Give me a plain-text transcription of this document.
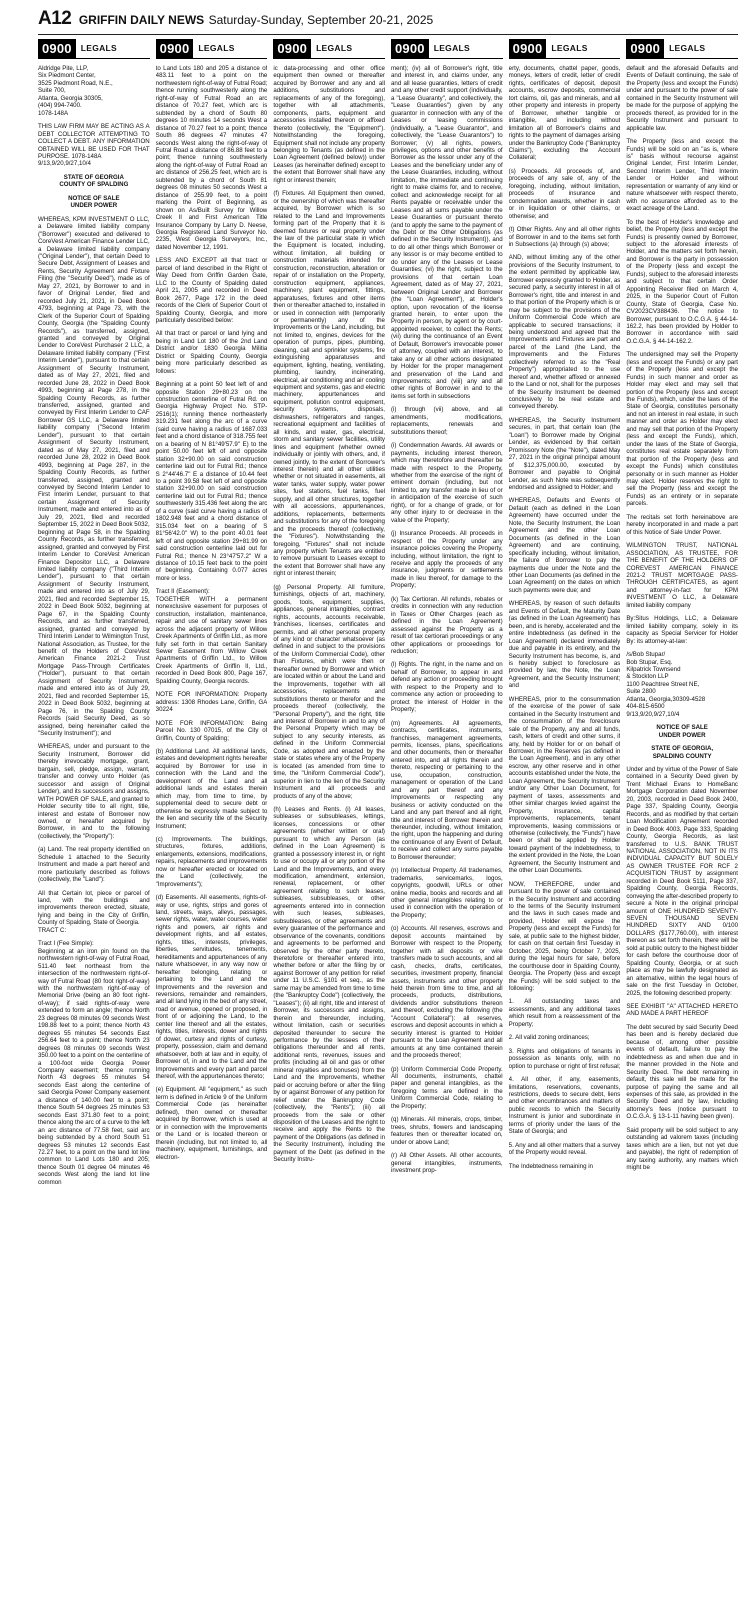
A12 GRIFFIN DAILY NEWS Saturday-Sunday, September 20-21, 2025
0900	LEGALS

Aldridge Pite, LLP,
Six Piedmont Center,
3525 Piedmont Road, N.E.,
Suite 700,
Atlanta, Georgia 30305,
(404) 994-7400.
1078-148A

THIS LAW FIRM MAY BE ACTING AS A DEBT COLLECTOR ATTEMPTING TO COLLECT A DEBT. ANY INFORMATION OBTAINED WILL BE USED FOR THAT PURPOSE. 1078-148A
9/13,9/20,9/27,10/4

STATE OF GEORGIA
COUNTY OF SPALDING

NOTICE OF SALE
UNDER POWER

WHEREAS, KPM INVESTMENT O LLC, a Delaware limited liability company ("Borrower") executed and delivered to CoreVest American Finance Lender LLC, a Delaware limited liability company ("Original Lender"), that certain Deed to Secure Debt, Assignment of Leases and Rents, Security Agreement and Fixture Filing (the "Security Deed"), made as of May 27, 2021, by Borrower to and in favor of Original Lender, filed and recorded July 21, 2021, in Deed Book 4793, beginning at Page 73, with the Clerk of the Superior Court of Spalding County, Georgia (the "Spalding County Records"), as transferred, assigned, granted and conveyed by Original Lender to CoreVest Purchaser 2 LLC, a Delaware limited liability company ("First Interim Lender"), pursuant to that certain Assignment of Security Instrument, dated as of May 27, 2021, filed and recorded June 28, 2022 in Deed Book 4993, beginning at Page 278, in the Spalding County Records, as further transferred, assigned, granted and conveyed by First Interim Lender to CAF Borrower GS LLC, a Delaware limited liability company ("Second Interim Lender"), pursuant to that certain Assignment of Security Instrument, dated as of May 27, 2021, filed and recorded June 28, 2022 in Deed Book 4993, beginning at Page 287, in the Spalding County Records, as further transferred, assigned, granted and conveyed by Second Interim Lender to First Interim Lender, pursuant to that certain Assignment of Security Instrument, made and entered into as of July 29, 2021, filed and recorded September 15, 2022 in Deed Book 5032, beginning at Page 58, in the Spalding County Records, as further transferred, assigned, granted and conveyed by First Interim Lender to CoreVest American Finance Depositor LLC, a Delaware limited liability company ("Third Interim Lender"), pursuant to that certain Assignment of Security Instrument, made and entered into as of July 29, 2021, filed and recorded September 15, 2022 in Deed Book 5032, beginning at Page 67, in the Spalding County Records, and as further transferred, assigned, granted and conveyed by Third Interim Lender to Wilmington Trust, National Association, as Trustee, for the benefit of the Holders of CoreVest American Finance 2021-2 Trust Mortgage Pass-Through Certificates ("Holder"), pursuant to that certain Assignment of Security Instrument, made and entered into as of July 29, 2021, filed and recorded September 15, 2022 in Deed Book 5032, beginning at Page 76, in the Spalding County Records (said Security Deed, as so assigned, being hereinafter called the "Security Instrument"); and

WHEREAS, under and pursuant to the Security Instrument, Borrower did thereby irrevocably mortgage, grant, bargain, sell, pledge, assign, warrant, transfer and convey unto Holder (as successor and assign of Original Lender), and its successors and assigns, WITH POWER OF SALE, and granted to Holder security title to all right, title, interest and estate of Borrower now owned, or hereafter acquired by Borrower, in and to the following (collectively, the "Property"):

(a) Land. The real property identified on Schedule 1 attached to the Security Instrument and made a part hereof and more particularly described as follows (collectively, the "Land"):

All that Certain lot, piece or parcel of land, with the buildings and improvements thereon erected, situate, lying and being in the City of Griffin, County of Spalding, State of Georgia.
TRACT C:

Tract I (Fee Simple):
Beginning at an iron pin found on the northwestern right-of-way of Futral Road, 511.40 feet northeast from the intersection of the northwestern right-of-way of Futral Road (80 foot right-of-way) with the northwestern right-of-way of Memorial Drive (being an 80 foot right-of-way); if said rights-of-way were extended to form an angle; thence North 23 degrees 08 minutes 09 seconds West 198.88 feet to a point; thence North 43 degrees 55 minutes 54 seconds East 256.64 feet to a point; thence North 23 degrees 08 minutes 09 seconds West 350.00 feet to a point on the centerline of a 100-foot wide Georgia Power Company easement; thence running North 43 degrees 55 minutes 54 seconds East along the centerline of said Georgia Power Company easement a distance of 140.00 feet to a point; thence South 54 degrees 25 minutes 53 seconds East 371.80 feet to a point; thence along the arc of a curve to the left an arc distance of 77.58 feet, said arc being subtended by a chord South 51 degrees 53 minutes 12 seconds East 72.27 feet, to a point on the land lot line common to Land Lots 180 and 205; thence South 01 degree 04 minutes 46 seconds West along the land lot line common

0900	LEGALS

to Land Lots 180 and 205 a distance of 483.11 feet to a point on the northwestern right-of-way of Futral Road; thence running southwesterly along the right-of-way of Futral Road an arc distance of 70.27 feet, which arc is subtended by a chord of South 80 degrees 10 minutes 14 seconds West a distance of 70.27 feet to a point; thence South 86 degrees 47 minutes 47 seconds West along the right-of-way of Futral Road a distance of 86.88 feet to a point; thence running southwesterly along the right-of-way of Futral Road an arc distance of 256.25 feet, which arc is subtended by a chord of South 81 degrees 08 minutes 50 seconds West a distance of 255.99 feet, to a point marking the Point of Beginning, as shown on As/Built Survey for Willow Creek II and First American Title Insurance Company by Larry D. Neese, Georgia Registered Land Surveyor No. 2235, West Georgia Surveyors, Inc., dated November 12, 1991.

LESS AND EXCEPT all that tract or parcel of land described in the Right of Way Deed from Griffin Garden Gate, LLC to the County of Spalding dated April 21, 2005 and recorded in Deed Book 2677, Page 172 in the deed records of the Clerk of Superior Court of Spalding County, Georgia, and more particularly described below:

All that tract or parcel or land lying and being in Land Lot 180 of the 2nd Land District and/or 1830 Georgia Militia District or Spalding County, Georgia being more particularly described as follows:

Beginning at a point 50 feet left of and opposite Station 29+80.23 on the construction centerline of Futral Rd. on Georgia Highway Project No. STP-2516(1); running thence northeasterly 319.231 feet along the arc of a curve (said curve having a radius of 1687.033 feet and a chord distance of 318.755 feet on a bearing of N 81°49'57.9" E) to the point 50.00 feet left of and opposite station 32+90.00 on said construction centerline laid out for Futral Rd.; thence S 2°44'46.7" E a distance of 10.44 feet to a point 39.58 feet left of and opposite station 32+90.00 on said construction centerline laid out for Futral Rd.; thence southwesterly 315.436 feet along the arc of a curve (said curve having a radius of 1802.948 feet and a chord distance of 315.034 feet on a bearing of S 81°56'42.0" W) to the point 40.01 feet left of and opposite station 29+81.99 on said construction centerline laid out for Futral Rd.; thence N 23°47'57.2" W a distance of 10.15 feet back to the point of beginning. Containing 0.077 acres more or less.

Tract II (Easement):
TOGETHER WITH a permanent nonexclusive easement for purposes of construction, installation, maintenance, repair and use of sanitary sewer lines across the adjacent property of Willow Creek Apartments of Griffin Ltd., as more fully set forth in that certain Sanitary Sewer Easement from Willow Creek Apartments of Griffin Ltd., to Willow Creek Apartments of Griffin II, Ltd., recorded in Deed Book 800, Page 167, Spalding County, Georgia records.

NOTE FOR INFORMATION: Property address: 1308 Rhodes Lane, Griffin, GA 30224

NOTE FOR INFORMATION: Being Parcel No. 130 07015, of the City of Griffin, County of Spalding;

(b) Additional Land. All additional lands, estates and development rights hereafter acquired by Borrower for use in connection with the Land and the development of the Land and all additional lands and estates therein which may, from time to time, by supplemental deed to secure debt or otherwise be expressly made subject to the lien and security title of the Security Instrument;

(c) Improvements. The buildings, structures, fixtures, additions, enlargements, extensions, modifications, repairs, replacements and improvements now or hereafter erected or located on the Land (collectively, the "Improvements");

(d) Easements. All easements, rights-of-way or use, rights, strips and gores of land, streets, ways, alleys, passages, sewer rights, water, water courses, water rights and powers, air rights and development rights, and all estates, rights, titles, interests, privileges, liberties, servitudes, tenements, hereditaments and appurtenances of any nature whatsoever, in any way now or hereafter belonging, relating or pertaining to the Land and the Improvements and the reversion and reversions, remainder and remainders, and all land lying in the bed of any street, road or avenue, opened or proposed, in front of or adjoining the Land, to the center line thereof and all the estates, rights, titles, interests, dower and rights of dower, curtesy and rights of curtesy, property, possession, claim and demand whatsoever, both at law and in equity, of Borrower of, in and to the Land and the Improvements and every part and parcel thereof, with the appurtenances thereto;

(e) Equipment. All "equipment," as such term is defined in Article 9 of the Uniform Commercial Code (as hereinafter defined), then owned or thereafter acquired by Borrower, which is used at or in connection with the Improvements or the Land or is located thereon or therein (including, but not limited to, all machinery, equipment, furnishings, and electron-

0900	LEGALS

ic data-processing and other office equipment then owned or thereafter acquired by Borrower and any and all additions, substitutions and replacements of any of the foregoing), together with all attachments, components, parts, equipment and accessories installed thereon or affixed thereto (collectively, the "Equipment"). Notwithstanding the foregoing, Equipment shall not include any property belonging to Tenants (as defined in the Loan Agreement (defined below)) under Leases (as hereinafter defined) except to the extent that Borrower shall have any right or interest therein;

(f) Fixtures. All Equipment then owned, or the ownership of which was thereafter acquired, by Borrower which is so related to the Land and Improvements forming part of the Property that it is deemed fixtures or real property under the law of the particular state in which the Equipment is located, including, without limitation, all building or construction materials intended for construction, reconstruction, alteration or repair of or installation on the Property, construction equipment, appliances, machinery, plant equipment, fittings, apparatuses, fixtures and other items then or thereafter attached to, installed in or used in connection with (temporarily or permanently) any of the Improvements or the Land, including, but not limited to, engines, devices for the operation of pumps, pipes, plumbing, cleaning, call and sprinkler systems, fire extinguishing apparatuses and equipment, lighting, heating, ventilating, plumbing, laundry, incinerating, electrical, air conditioning and air cooling equipment and systems, gas and electric machinery, appurtenances and equipment, pollution control equipment, security systems, disposals, dishwashers, refrigerators and ranges, recreational equipment and facilities of all kinds, and water, gas, electrical, storm and sanitary sewer facilities, utility lines and equipment (whether owned individually or jointly with others, and, if owned jointly, to the extent of Borrower's interest therein) and all other utilities whether or not situated in easements, all water tanks, water supply, water power sites, fuel stations, fuel tanks, fuel supply, and all other structures, together with all accessions, appurtenances, additions, replacements, betterments and substitutions for any of the foregoing and the proceeds thereof (collectively, the "Fixtures"). Notwithstanding the foregoing, "Fixtures" shall not include any property which Tenants are entitled to remove pursuant to Leases except to the extent that Borrower shall have any right or interest therein;

(g) Personal Property. All furniture, furnishings, objects of art, machinery, goods, tools, equipment, supplies, appliances, general intangibles, contract rights, accounts, accounts receivable, franchises, licenses, certificates and permits, and all other personal property of any kind or character whatsoever (as defined in and subject to the provisions of the Uniform Commercial Code), other than Fixtures, which were then or thereafter owned by Borrower and which are located within or about the Land and the Improvements, together with all accessories, replacements and substitutions thereto or therefor and the proceeds thereof (collectively, the "Personal Property"), and the right, title and interest of Borrower in and to any of the Personal Property which may be subject to any security interests, as defined in the Uniform Commercial Code, as adopted and enacted by the state or states where any of the Property is located (as amended from time to time, the "Uniform Commercial Code"), superior in lien to the lien of the Security Instrument and all proceeds and products of any of the above;

(h) Leases and Rents. (i) All leases, subleases or subsubleases, lettings, licenses, concessions or other agreements (whether written or oral) pursuant to which any Person (as defined in the Loan Agreement) is granted a possessory interest in, or right to use or occupy all or any portion of the Land and the Improvements, and every modification, amendment, extension, renewal, replacement, or other agreement relating to such leases, subleases, subsubleases, or other agreements entered into in connection with such leases, subleases, subsubleases, or other agreements and every guarantee of the performance and observance of the covenants, conditions and agreements to be performed and observed by the other party thereto, theretofore or thereafter entered into, whether before or after the filing by or against Borrower of any petition for relief under 11 U.S.C. §101 et seq., as the same may be amended from time to time (the "Bankruptcy Code") (collectively, the "Leases"); (ii) all right, title and interest of Borrower, its successors and assigns, therein and thereunder, including, without limitation, cash or securities deposited thereunder to secure the performance by the lessees of their obligations thereunder and all rents, additional rents, revenues, issues and profits (including all oil and gas or other mineral royalties and bonuses) from the Land and the Improvements, whether paid or accruing before or after the filing by or against Borrower of any petition for relief under the Bankruptcy Code (collectively, the "Rents"); (iii) all proceeds from the sale or other disposition of the Leases and the right to receive and apply the Rents to the payment of the Obligations (as defined in the Security Instrument), including the payment of the Debt (as defined in the Security Instru-

0900	LEGALS

ment); (iv) all of Borrower's right, title and interest in, and claims under, any and all lease guaranties, letters of credit and any other credit support (individually, a "Lease Guaranty", and collectively, the "Lease Guaranties") given by any guarantor in connection with any of the Leases or leasing commissions (individually, a "Lease Guarantor", and collectively, the "Lease Guarantors") to Borrower; (v) all rights, powers, privileges, options and other benefits of Borrower as the lessor under any of the Leases and the beneficiary under any of the Lease Guaranties, including, without limitation, the immediate and continuing right to make claims for, and to receive, collect and acknowledge receipt for all Rents payable or receivable under the Leases and all sums payable under the Lease Guaranties or pursuant thereto (and to apply the same to the payment of the Debt or the Other Obligations (as defined in the Security Instrument)), and to do all other things which Borrower or any lessor is or may become entitled to do under any of the Leases or Lease Guaranties; (vi) the right, subject to the provisions of that certain Loan Agreement, dated as of May 27, 2021, between Original Lender and Borrower (the "Loan Agreement"), at Holder's option, upon revocation of the license granted herein, to enter upon the Property in person, by agent or by court-appointed receiver, to collect the Rents; (vii) during the continuance of an Event of Default, Borrower's irrevocable power of attorney, coupled with an interest, to take any or all other actions designated by Holder for the proper management and preservation of the Land and Improvements; and (viii) any and all other rights of Borrower in and to the items set forth in subsections

(i) through (vii) above, and all amendments, modifications, replacements, renewals and substitutions thereof;

(i) Condemnation Awards. All awards or payments, including interest thereon, which may theretofore and thereafter be made with respect to the Property, whether from the exercise of the right of eminent domain (including, but not limited to, any transfer made in lieu of or in anticipation of the exercise of such right), or for a change of grade, or for any other injury to or decrease in the value of the Property;

(j) Insurance Proceeds. All proceeds in respect of the Property under any insurance policies covering the Property, including, without limitation, the right to receive and apply the proceeds of any insurance, judgments or settlements made in lieu thereof, for damage to the Property;

(k) Tax Certioran. All refunds, rebates or credits in connection with any reduction in Taxes or Other Charges (each as defined in the Loan Agreement) assessed against the Property as a result of tax certiorari proceedings or any other applications or proceedings for reduction;

(l) Rights. The right, in the name and on behalf of Borrower, to appear in and defend any action or proceeding brought with respect to the Property and to commence any action or proceeding to protect the interest of Holder in the Property;

(m) Agreements. All agreements, contracts, certificates, instruments, franchises, management agreements, permits, licenses, plans, specifications and other documents, then or thereafter entered into, and all rights therein and thereto, respecting or pertaining to the use, occupation, construction, management or operation of the Land and any part thereof and any Improvements or respecting any business or activity conducted on the Land and any part thereof and all right, title and interest of Borrower therein and thereunder, including, without limitation, the right, upon the happening and during the continuance of any Event of Default, to receive and collect any sums payable to Borrower thereunder;

(n) Intellectual Property. All tradenames, trademarks, servicemarks, logos, copyrights, goodwill, URLs or other online media, books and records and all other general intangibles relating to or used in connection with the operation of the Property;

(o) Accounts. All reserves, escrows and deposit accounts maintained by Borrower with respect to the Property, together with all deposits or wire transfers made to such accounts, and all cash, checks, drafts, certificates, securities, investment property, financial assets, instruments and other property held therein from time to time, and all proceeds, products, distributions, dividends and/or substitutions thereon and thereof, excluding the following (the "Account Collateral"): all reserves, escrows and deposit accounts in which a security interest is granted to Holder pursuant to the Loan Agreement and all amounts at any time contained therein and the proceeds thereof;

(p) Uniform Commercial Code Property. All documents, instruments, chattel paper and general intangibles, as the foregoing terms are defined in the Uniform Commercial Code, relating to the Property;

(q) Minerals. All minerals, crops, timber, trees, shrubs, flowers and landscaping features then or thereafter located on, under or above Land;

(r) All Other Assets. All other accounts, general intangibles, instruments, investment prop-

0900	LEGALS

erty, documents, chattel paper, goods, moneys, letters of credit, letter of credit rights, certificates of deposit, deposit accounts, escrow deposits, commercial tort claims, oil, gas and minerals, and all other property and interests in property of Borrower, whether tangible or intangible, and including without limitation all of Borrower's claims and rights to the payment of damages arising under the Bankruptcy Code ("Bankruptcy Claims"), excluding the Account Collateral;

(s) Proceeds. All proceeds of, and proceeds of any sale of, any of the foregoing, including, without limitation, proceeds of insurance and condemnation awards, whether in cash or in liquidation or other claims, or otherwise; and

(t) Other Rights. Any and all other rights of Borrower in and to the items set forth in Subsections (a) through (s) above;

AND, without limiting any of the other provisions of the Security Instrument, to the extent permitted by applicable law, Borrower expressly granted to Holder, as secured party, a security interest in all of Borrower's right, title and interest in and to that portion of the Property which is or may be subject to the provisions of the Uniform Commercial Code which are applicable to secured transactions; it being understood and agreed that the Improvements and Fixtures are part and parcel of the Land (the Land, the Improvements and the Fixtures collectively referred to as the "Real Property") appropriated to the use thereof and, whether affixed or annexed to the Land or not, shall for the purposes of the Security Instrument be deemed conclusively to be real estate and conveyed thereby.

WHEREAS, the Security Instrument secures, in part, that certain loan (the "Loan") to Borrower made by Original Lender, as evidenced by that certain Promissory Note (the "Note"), dated May 27, 2021 in the original principal amount of $12,375,000.00, executed by Borrower and payable to Original Lender, as such Note was subsequently endorsed and assigned to Holder; and

WHEREAS, Defaults and Events of Default (each as defined in the Loan Agreement) have occurred under the Note, the Security Instrument, the Loan Agreement and the other Loan Documents (as defined in the Loan Agreement) and are continuing, specifically including, without limitation, the failure of Borrower to pay the payments due under the Note and the other Loan Documents (as defined in the Loan Agreement) on the dates on which such payments were due; and

WHEREAS, by reason of such defaults and Events of Default, the Maturity Date (as defined in the Loan Agreement) has been, and is hereby, accelerated and the entire Indebtedness (as defined in the Loan Agreement) declared immediately due and payable in its entirety, and the Security Instrument has become, is, and is hereby subject to foreclosure as provided by law, the Note, the Loan Agreement, and the Security Instrument; and

WHEREAS, prior to the consummation of the exercise of the power of sale contained in the Security Instrument and the consummation of the foreclosure sale of the Property, any and all funds, cash, letters of credit and other sums, if any, held by Holder for or on behalf of Borrower, in the Reserves (as defined in the Loan Agreement), and in any other escrow, any other reserve and in other accounts established under the Note, the Loan Agreement, the Security Instrument and/or any Other Loan Document, for payment of taxes, assessments and other similar charges levied against the Property, insurance, capital improvements, replacements, tenant improvements, leasing commissions or otherwise (collectively, the "Funds") have been or shall be applied by Holder toward payment of the Indebtedness, to the extent provided in the Note, the Loan Agreement, the Security Instrument and the other Loan Documents.

NOW, THEREFORE, under and pursuant to the power of sale contained in the Security Instrument and according to the terms of the Security Instrument and the laws in such cases made and provided, Holder will expose the Property (less and except the Funds) for sale, at public sale to the highest bidder, for cash on that certain first Tuesday in October, 2025, being October 7, 2025, during the legal hours for sale, before the courthouse door in Spalding County, Georgia. The Property (less and except the Funds) will be sold subject to the following:

1. All outstanding taxes and assessments, and any additional taxes which result from a reassessment of the Property;

2. All valid zoning ordinances;

3. Rights and obligations of tenants in possession as tenants only, with no option to purchase or right of first refusal;

4. All other, if any, easements, limitations, reservations, covenants, restrictions, deeds to secure debt, liens and other encumbrances and matters of public records to which the Security Instrument is junior and subordinate in terms of priority under the laws of the State of Georgia; and

5. Any and all other matters that a survey of the Property would reveal.

The Indebtedness remaining in

0900	LEGALS

default and the aforesaid Defaults and Events of Default continuing, the sale of the Property (less and except the Funds) under and pursuant to the power of sale contained in the Security Instrument will be made for the purpose of applying the proceeds thereof, as provided for in the Security Instrument and pursuant to applicable law.

The Property (less and except the Funds) will be sold on an "as is, where is" basis without recourse against Original Lender, First Interim Lender, Second Interim Lender, Third Interim Lender or Holder and without representation or warranty of any kind or nature whatsoever with respect thereto, with no assurance afforded as to the exact acreage of the Land.

To the best of Holder's knowledge and belief, the Property (less and except the Funds) is presently owned by Borrower, subject to the aforesaid interests of Holder, and the matters set forth herein, and Borrower is the party in possession of the Property (less and except the Funds), subject to the aforesaid interests and subject to that certain Order Appointing Receiver filed on March 4, 2025, in the Superior Court of Fulton County, State of Georgia, Case No. CV2023CV388436. The notice to Borrower, pursuant to O.C.G.A. § 44-14-162.2, has been provided by Holder to Borrower in accordance with said O.C.G.A. § 44-14-162.2.

The undersigned may sell the Property (less and except the Funds) or any part of the Property (less and except the Funds) in such manner and order as Holder may elect and may sell that portion of the Property (less and except the Funds), which, under the laws of the State of Georgia, constitutes personalty and not an interest in real estate, in such manner and order as Holder may elect and may sell that portion of the Property (less and except the Funds), which, under the laws of the State of Georgia, constitutes real estate separately from that portion of the Property (less and except the Funds) which constitutes personalty or in such manner as Holder may elect. Holder reserves the right to sell the Property (less and except the Funds) as an entirety or in separate parcels.

The recitals set forth hereinabove are hereby incorporated in and made a part of this Notice of Sale Under Power.

WILMINGTON TRUST, NATIONAL ASSOCIATION, AS TRUSTEE, FOR THE BENEFIT OF THE HOLDERS OF COREVEST AMERICAN FINANCE 2021-2 TRUST MORTGAGE PASS-THROUGH CERTIFICATES, as agent and attorney-in-fact for KPM INVESTMENT O LLC, a Delaware limited liability company

By:Situs Holdings, LLC, a Delaware limited liability company, solely in its capacity as Special Servicer for Holder By: its attorney-at-law:

/s/Bob Stupar/
Bob Stupar, Esq.
Kilpatrick Townsend
& Stockton LLP
1100 Peachtree Street NE,
Suite 2800
Atlanta, Georgia,30309-4528
404-815-6500
9/13,9/20,9/27,10/4

NOTICE OF SALE
UNDER POWER

STATE OF GEORGIA,
SPALDING COUNTY

Under and by virtue of the Power of Sale contained in a Security Deed given by Trent Michael Evans to HomeBanc Mortgage Corporation dated November 20, 2003, recorded in Deed Book 2400, Page 337, Spalding County, Georgia Records, and as modified by that certain Loan Modification Agreement recorded in Deed Book 4003, Page 333, Spalding County, Georgia Records, as last transferred to U.S. BANK TRUST NATIONAL ASSOCIATION, NOT IN ITS INDIVIDUAL CAPACITY BUT SOLELY AS OWNER TRUSTEE FOR RCF 2 ACQUISITION TRUST by assignment recorded in Deed Book 5111, Page 337, Spalding County, Georgia Records, conveying the after-described property to secure a Note in the original principal amount of ONE HUNDRED SEVENTY-SEVEN THOUSAND SEVEN HUNDRED SIXTY AND 0/100 DOLLARS ($177,760.00), with interest thereon as set forth therein, there will be sold at public outcry to the highest bidder for cash before the courthouse door of Spalding County, Georgia, or at such place as may be lawfully designated as an alternative, within the legal hours of sale on the first Tuesday in October, 2025, the following described property:

SEE EXHIBIT "A" ATTACHED HERETO AND MADE A PART HEREOF

The debt secured by said Security Deed has been and is hereby declared due because of, among other possible events of default, failure to pay the indebtedness as and when due and in the manner provided in the Note and Security Deed. The debt remaining in default, this sale will be made for the purpose of paying the same and all expenses of this sale, as provided in the Security Deed and by law, including attorney's fees (notice pursuant to O.C.G.A. § 13-1-11 having been given).

Said property will be sold subject to any outstanding ad valorem taxes (including taxes which are a lien, but not yet due and payable), the right of redemption of any taxing authority, any matters which might be
